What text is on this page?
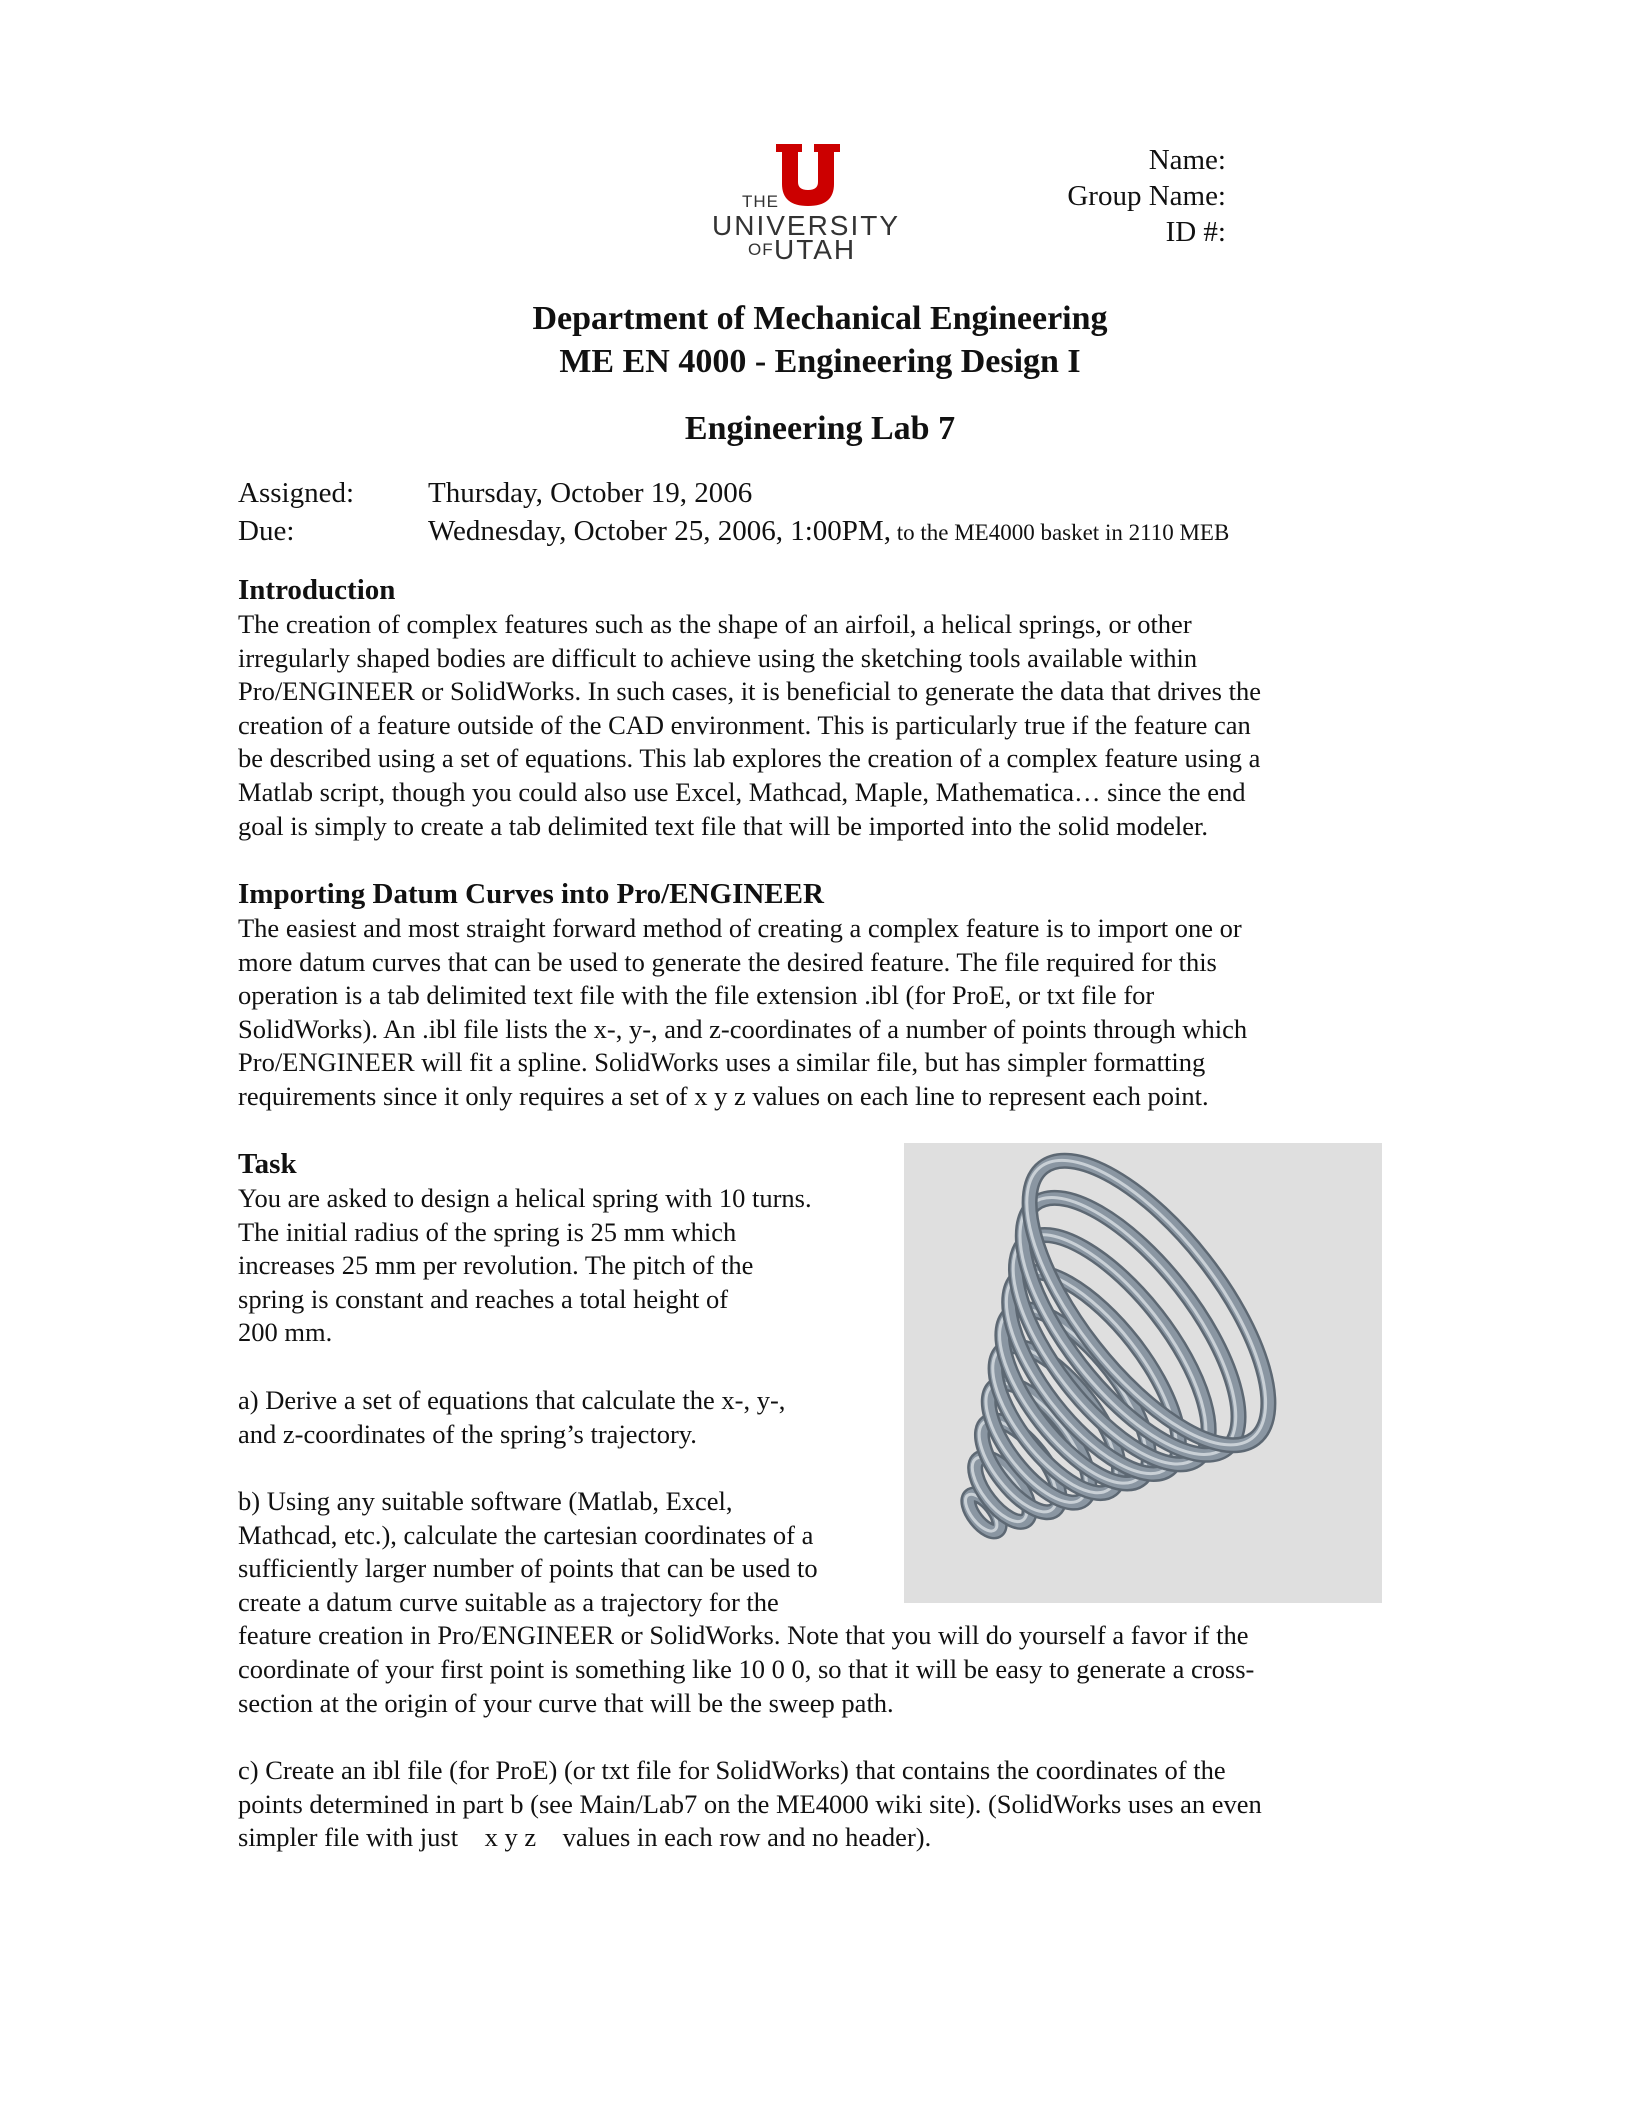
THE
UNIVERSITY
OF UTAH
Name:
Group Name:
ID #:
Department of Mechanical Engineering
ME EN 4000 - Engineering Design I
Engineering Lab 7
Assigned:	Thursday, October 19, 2006
Due:	Wednesday, October 25, 2006, 1:00PM, to the ME4000 basket in 2110 MEB
Introduction
The creation of complex features such as the shape of an airfoil, a helical springs, or other
irregularly shaped bodies are difficult to achieve using the sketching tools available within
Pro/ENGINEER or SolidWorks. In such cases, it is beneficial to generate the data that drives the
creation of a feature outside of the CAD environment. This is particularly true if the feature can
be described using a set of equations. This lab explores the creation of a complex feature using a
Matlab script, though you could also use Excel, Mathcad, Maple, Mathematica… since the end
goal is simply to create a tab delimited text file that will be imported into the solid modeler.
Importing Datum Curves into Pro/ENGINEER
The easiest and most straight forward method of creating a complex feature is to import one or
more datum curves that can be used to generate the desired feature. The file required for this
operation is a tab delimited text file with the file extension .ibl (for ProE, or txt file for
SolidWorks). An .ibl file lists the x-, y-, and z-coordinates of a number of points through which
Pro/ENGINEER will fit a spline. SolidWorks uses a similar file, but has simpler formatting
requirements since it only requires a set of x y z values on each line to represent each point.
Task
You are asked to design a helical spring with 10 turns.
The initial radius of the spring is 25 mm which
increases 25 mm per revolution. The pitch of the
spring is constant and reaches a total height of
200 mm.
a) Derive a set of equations that calculate the x-, y-,
and z-coordinates of the spring’s trajectory.
b) Using any suitable software (Matlab, Excel,
Mathcad, etc.), calculate the cartesian coordinates of a
sufficiently larger number of points that can be used to
create a datum curve suitable as a trajectory for the
feature creation in Pro/ENGINEER or SolidWorks. Note that you will do yourself a favor if the
coordinate of your first point is something like 10 0 0, so that it will be easy to generate a cross-
section at the origin of your curve that will be the sweep path.
c) Create an ibl file (for ProE) (or txt file for SolidWorks) that contains the coordinates of the
points determined in part b (see Main/Lab7 on the ME4000 wiki site). (SolidWorks uses an even
simpler file with just    x y z    values in each row and no header).
